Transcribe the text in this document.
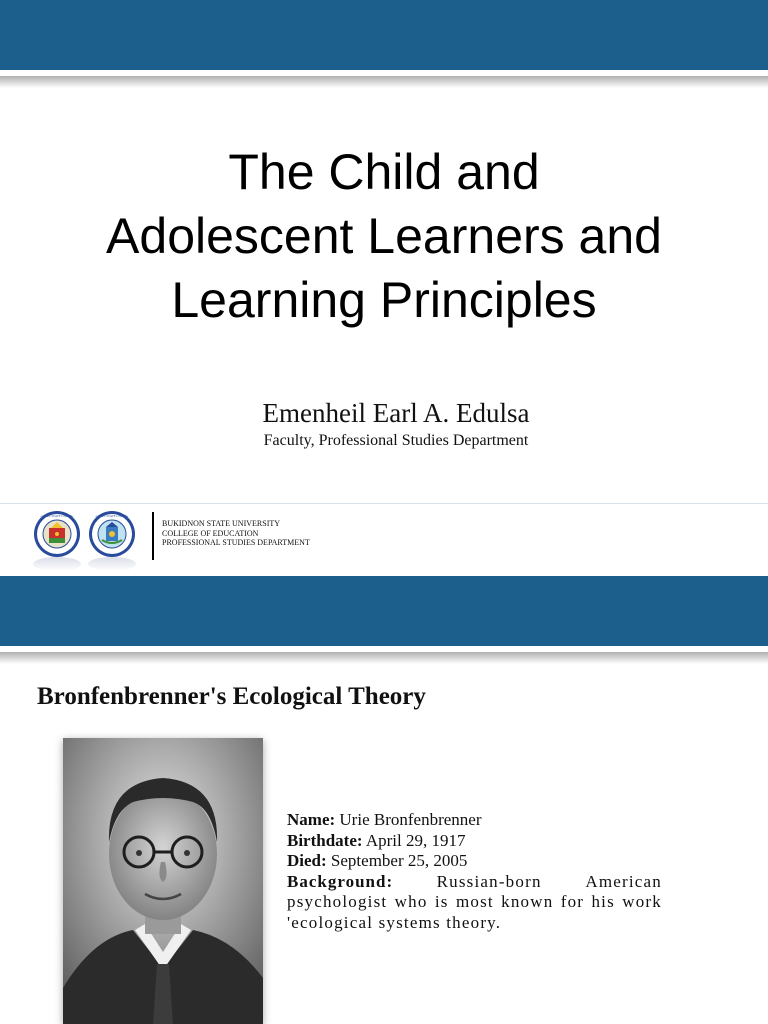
The Child and
Adolescent Learners and
Learning Principles
Emenheil Earl A. Edulsa
Faculty, Professional Studies Department
BUKIDNON STATE UNIVERSITY BUKIDNON STATE UNIVERSITY
BUKIDNON STATE UNIVERSITY
COLLEGE OF EDUCATION
PROFESSIONAL STUDIES DEPARTMENT
Bronfenbrenner's Ecological Theory
Name: Urie Bronfenbrenner
Birthdate: April 29, 1917
Died: September 25, 2005
Background:	Russian-born American psychologist who is most known for his work 'ecological systems theory.
